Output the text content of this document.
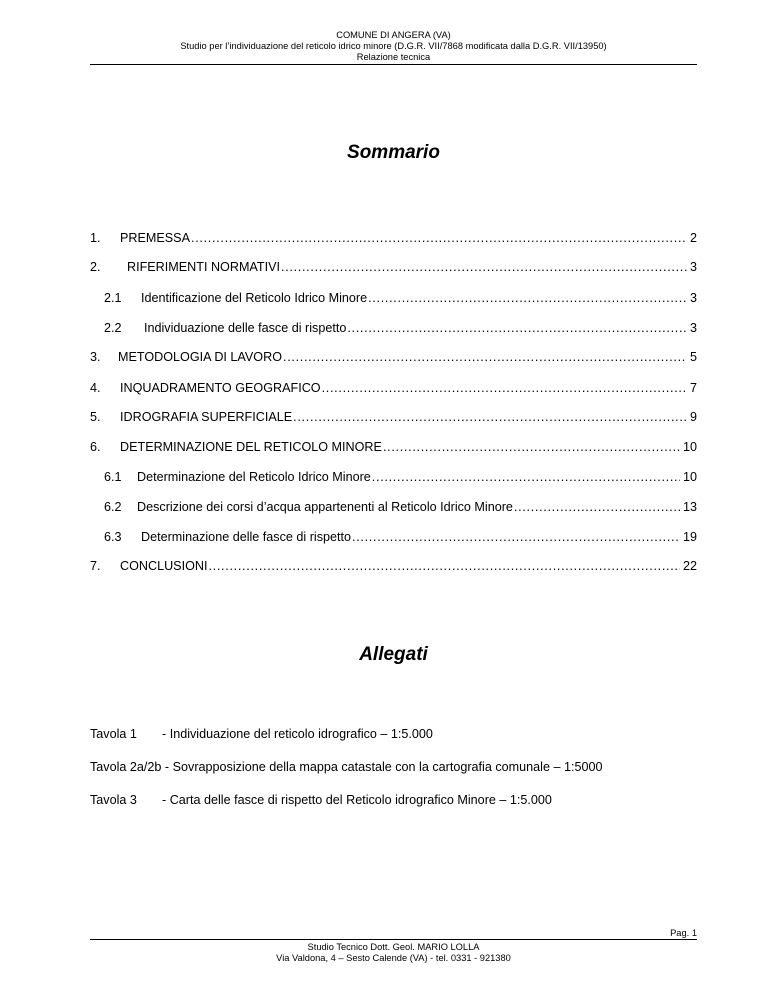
COMUNE DI ANGERA (VA)
Studio per l’individuazione del reticolo idrico minore (D.G.R. VII/7868 modificata dalla D.G.R. VII/13950)
Relazione tecnica
Sommario
1.	PREMESSA . . .	2
2.	RIFERIMENTI NORMATIVI . . .	3
2.1	Identificazione del Reticolo Idrico Minore . . .	3
2.2	Individuazione delle fasce di rispetto . . .	3
3.	METODOLOGIA DI LAVORO . . .	5
4.	INQUADRAMENTO GEOGRAFICO . . .	7
5.	IDROGRAFIA SUPERFICIALE . . .	9
6.	DETERMINAZIONE DEL RETICOLO MINORE . . .	10
6.1	Determinazione del Reticolo Idrico Minore . . .	10
6.2	Descrizione dei corsi d’acqua appartenenti al Reticolo Idrico Minore . . .	13
6.3	Determinazione delle fasce di rispetto . . .	19
7.	CONCLUSIONI . . .	22
Allegati
Tavola 1 - Individuazione del reticolo idrografico – 1:5.000
Tavola 2a/2b - Sovrapposizione della mappa catastale con la cartografia comunale – 1:5000
Tavola 3 - Carta delle fasce di rispetto del Reticolo idrografico Minore – 1:5.000
Pag. 1
Studio Tecnico Dott. Geol. MARIO LOLLA
Via Valdona, 4 – Sesto Calende (VA) - tel. 0331 - 921380
